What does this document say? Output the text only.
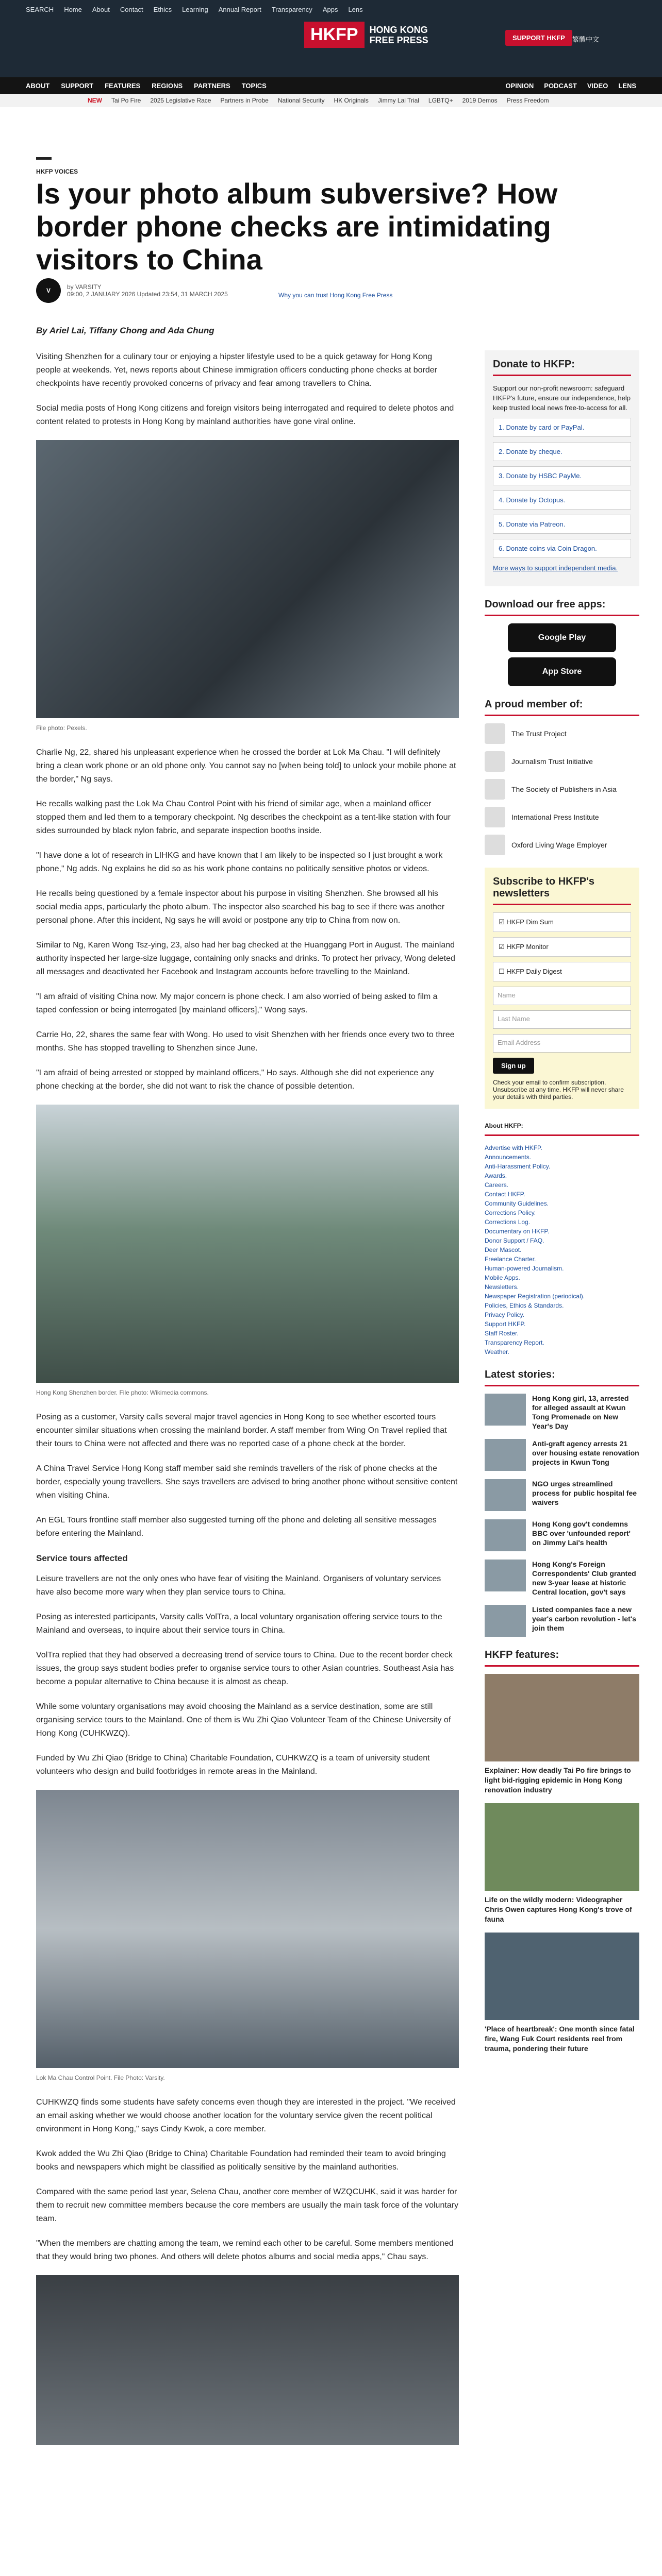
SEARCH Home About Contact Ethics Learning Annual Report Transparency Apps Lens
HKFP	HONG KONG
FREE PRESS	SUPPORT HKFP	繁體中文
ABOUT SUPPORT FEATURES REGIONS PARTNERS TOPICS	OPINION PODCAST VIDEO LENS
NEW Tai Po Fire 2025 Legislative Race Partners in Probe National Security HK Originals Jimmy Lai Trial LGBTQ+ 2019 Demos Press Freedom
HKFP VOICES
Is your photo album subversive? How border phone checks are intimidating visitors to China
V	by VARSITY
09:00, 2 JANUARY 2026 Updated 23:54, 31 MARCH 2025	Why you can trust Hong Kong Free Press
By Ariel Lai, Tiffany Chong and Ada Chung

Visiting Shenzhen for a culinary tour or enjoying a hipster lifestyle used to be a quick getaway for Hong Kong people at weekends. Yet, news reports about Chinese immigration officers conducting phone checks at border checkpoints have recently provoked concerns of privacy and fear among travellers to China.

Social media posts of Hong Kong citizens and foreign visitors being interrogated and required to delete photos and content related to protests in Hong Kong by mainland authorities have gone viral online.

File photo: Pexels.

Charlie Ng, 22, shared his unpleasant experience when he crossed the border at Lok Ma Chau. "I will definitely bring a clean work phone or an old phone only. You cannot say no [when being told] to unlock your mobile phone at the border," Ng says.

He recalls walking past the Lok Ma Chau Control Point with his friend of similar age, when a mainland officer stopped them and led them to a temporary checkpoint. Ng describes the checkpoint as a tent-like station with four sides surrounded by black nylon fabric, and separate inspection booths inside.

"I have done a lot of research in LIHKG and have known that I am likely to be inspected so I just brought a work phone," Ng adds. Ng explains he did so as his work phone contains no politically sensitive photos or videos.

He recalls being questioned by a female inspector about his purpose in visiting Shenzhen. She browsed all his social media apps, particularly the photo album. The inspector also searched his bag to see if there was another personal phone. After this incident, Ng says he will avoid or postpone any trip to China from now on.

Similar to Ng, Karen Wong Tsz-ying, 23, also had her bag checked at the Huanggang Port in August. The mainland authority inspected her large-size luggage, containing only snacks and drinks. To protect her privacy, Wong deleted all messages and deactivated her Facebook and Instagram accounts before travelling to the Mainland.

"I am afraid of visiting China now. My major concern is phone check. I am also worried of being asked to film a taped confession or being interrogated [by mainland officers]," Wong says.

Carrie Ho, 22, shares the same fear with Wong. Ho used to visit Shenzhen with her friends once every two to three months. She has stopped travelling to Shenzhen since June.

"I am afraid of being arrested or stopped by mainland officers," Ho says. Although she did not experience any phone checking at the border, she did not want to risk the chance of possible detention.

Hong Kong Shenzhen border. File photo: Wikimedia commons.

Posing as a customer, Varsity calls several major travel agencies in Hong Kong to see whether escorted tours encounter similar situations when crossing the mainland border. A staff member from Wing On Travel replied that their tours to China were not affected and there was no reported case of a phone check at the border.

A China Travel Service Hong Kong staff member said she reminds travellers of the risk of phone checks at the border, especially young travellers. She says travellers are advised to bring another phone without sensitive content when visiting China.

An EGL Tours frontline staff member also suggested turning off the phone and deleting all sensitive messages before entering the Mainland.

Service tours affected

Leisure travellers are not the only ones who have fear of visiting the Mainland. Organisers of voluntary services have also become more wary when they plan service tours to China.

Posing as interested participants, Varsity calls VolTra, a local voluntary organisation offering service tours to the Mainland and overseas, to inquire about their service tours in China.

VolTra replied that they had observed a decreasing trend of service tours to China. Due to the recent border check issues, the group says student bodies prefer to organise service tours to other Asian countries. Southeast Asia has become a popular alternative to China because it is almost as cheap.

While some voluntary organisations may avoid choosing the Mainland as a service destination, some are still organising service tours to the Mainland. One of them is Wu Zhi Qiao Volunteer Team of the Chinese University of Hong Kong (CUHKWZQ).

Funded by Wu Zhi Qiao (Bridge to China) Charitable Foundation, CUHKWZQ is a team of university student volunteers who design and build footbridges in remote areas in the Mainland.

Lok Ma Chau Control Point. File Photo: Varsity.

CUHKWZQ finds some students have safety concerns even though they are interested in the project. "We received an email asking whether we would choose another location for the voluntary service given the recent political environment in Hong Kong," says Cindy Kwok, a core member.

Kwok added the Wu Zhi Qiao (Bridge to China) Charitable Foundation had reminded their team to avoid bringing books and newspapers which might be classified as politically sensitive by the mainland authorities.

Compared with the same period last year, Selena Chau, another core member of WZQCUHK, said it was harder for them to recruit new committee members because the core members are usually the main task force of the voluntary team.

"When the members are chatting among the team, we remind each other to be careful. Some members mentioned that they would bring two phones. And others will delete photos albums and social media apps," Chau says.

Donate to HKFP:

Support our non-profit newsroom: safeguard HKFP's future, ensure our independence, help keep trusted local news free-to-access for all.

1. Donate by card or PayPal.
2. Donate by cheque.
3. Donate by HSBC PayMe.
4. Donate by Octopus.
5. Donate via Patreon.
6. Donate coins via Coin Dragon.

More ways to support independent media.

Download our free apps:
Google Play
App Store
A proud member of:
The Trust Project
Journalism Trust Initiative
The Society of Publishers in Asia
International Press Institute
Oxford Living Wage Employer
Subscribe to HKFP's newsletters
☑ HKFP Dim Sum
☑ HKFP Monitor
☐ HKFP Daily Digest
Name
Last Name
Email Address
Sign up

Check your email to confirm subscription. Unsubscribe at any time. HKFP will never share your details with third parties.

About HKFP:
Advertise with HKFP.
Announcements.
Anti-Harassment Policy.
Awards.
Careers.
Contact HKFP.
Community Guidelines.
Corrections Policy.
Corrections Log.
Documentary on HKFP.
Donor Support / FAQ.
Deer Mascot.
Freelance Charter.
Human-powered Journalism.
Mobile Apps.
Newsletters.
Newspaper Registration (periodical).
Policies, Ethics & Standards.
Privacy Policy.
Support HKFP.
Staff Roster.
Transparency Report.
Weather.
Latest stories:
Hong Kong girl, 13, arrested for alleged assault at Kwun Tong Promenade on New Year's Day
Anti-graft agency arrests 21 over housing estate renovation projects in Kwun Tong
NGO urges streamlined process for public hospital fee waivers
Hong Kong gov't condemns BBC over 'unfounded report' on Jimmy Lai's health
Hong Kong's Foreign Correspondents' Club granted new 3-year lease at historic Central location, gov't says
Listed companies face a new year's carbon revolution - let's join them
HKFP features:
Explainer: How deadly Tai Po fire brings to light bid-rigging epidemic in Hong Kong renovation industry
Life on the wildly modern: Videographer Chris Owen captures Hong Kong's trove of fauna
'Place of heartbreak': One month since fatal fire, Wang Fuk Court residents reel from trauma, pondering their future
